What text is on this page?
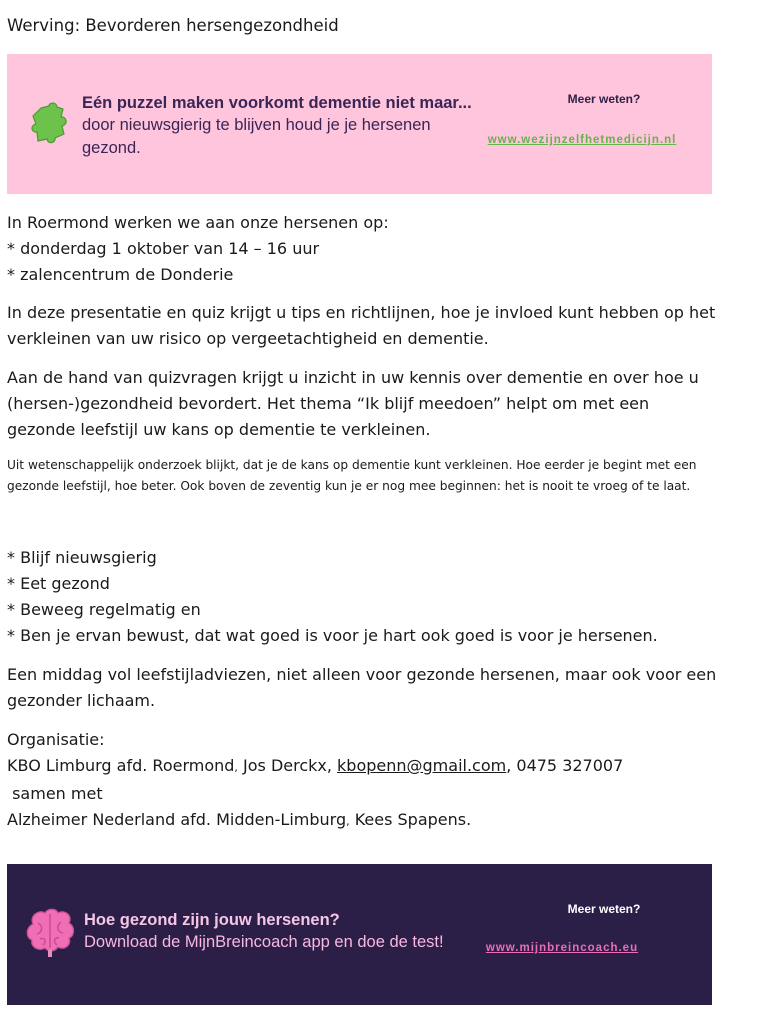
Werving: Bevorderen hersengezondheid
Eén puzzel maken voorkomt dementie niet maar...
door nieuwsgierig te blijven houd je je hersenen gezond.
Meer weten?
www.wezijnzelfhetmedicijn.nl

In Roermond werken we aan onze hersenen op:

* donderdag 1 oktober van 14 – 16 uur

* zalencentrum de Donderie

In deze presentatie en quiz krijgt u tips en richtlijnen, hoe je invloed kunt hebben op het verkleinen van uw risico op vergeetachtigheid en dementie.

Aan de hand van quizvragen krijgt u inzicht in uw kennis over dementie en over hoe u (hersen-)gezondheid bevordert. Het thema “Ik blijf meedoen” helpt om met een gezonde leefstijl uw kans op dementie te verkleinen.

Uit wetenschappelijk onderzoek blijkt, dat je de kans op dementie kunt verkleinen. Hoe eerder je begint met een gezonde leefstijl, hoe beter. Ook boven de zeventig kun je er nog mee beginnen: het is nooit te vroeg of te laat.

* Blijf nieuwsgierig

* Eet gezond

* Beweeg regelmatig en

* Ben je ervan bewust, dat wat goed is voor je hart ook goed is voor je hersenen.

Een middag vol leefstijladviezen, niet alleen voor gezonde hersenen, maar ook voor een gezonder lichaam.

Organisatie:

KBO Limburg afd. Roermond, Jos Derckx, kbopenn@gmail.com, 0475 327007

samen met

Alzheimer Nederland afd. Midden-Limburg, Kees Spapens.

Hoe gezond zijn jouw hersenen?
Download de MijnBreincoach app en doe de test!
Meer weten?
www.mijnbreincoach.eu
